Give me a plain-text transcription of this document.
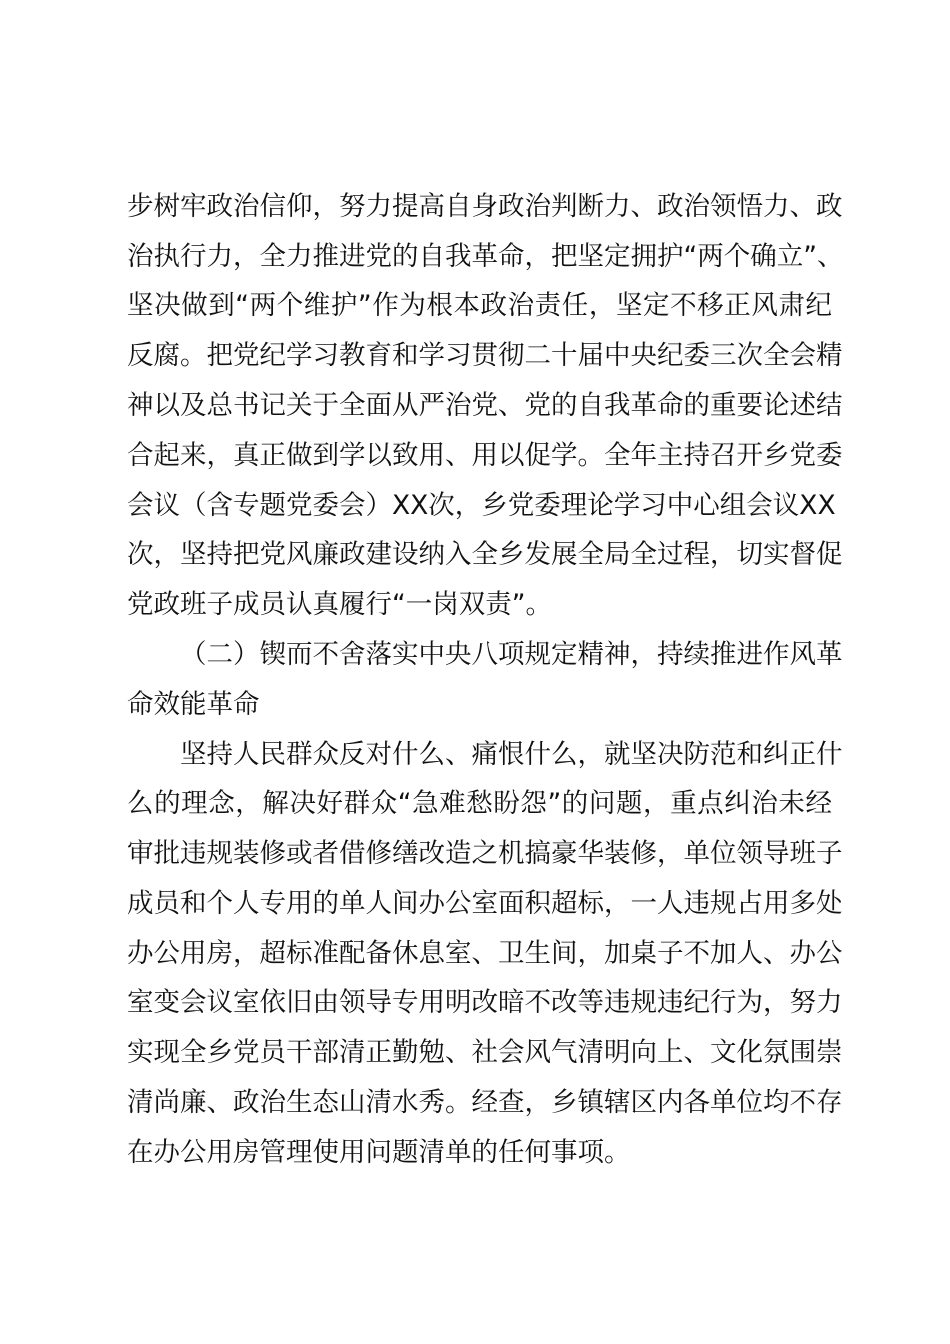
步树牢政治信仰，努力提高自身政治判断力、政治领悟力、政
治执行力，全力推进党的自我革命，把坚定拥护“两个确立”、
坚决做到“两个维护”作为根本政治责任，坚定不移正风肃纪
反腐。把党纪学习教育和学习贯彻二十届中央纪委三次全会精
神以及总书记关于全面从严治党、党的自我革命的重要论述结
合起来，真正做到学以致用、用以促学。全年主持召开乡党委
会议（含专题党委会）XX次，乡党委理论学习中心组会议XX
次，坚持把党风廉政建设纳入全乡发展全局全过程，切实督促
党政班子成员认真履行“一岗双责”。
（二）锲而不舍落实中央八项规定精神，持续推进作风革
命效能革命
坚持人民群众反对什么、痛恨什么，就坚决防范和纠正什
么的理念，解决好群众“急难愁盼怨”的问题，重点纠治未经
审批违规装修或者借修缮改造之机搞豪华装修，单位领导班子
成员和个人专用的单人间办公室面积超标，一人违规占用多处
办公用房，超标准配备休息室、卫生间，加桌子不加人、办公
室变会议室依旧由领导专用明改暗不改等违规违纪行为，努力
实现全乡党员干部清正勤勉、社会风气清明向上、文化氛围崇
清尚廉、政治生态山清水秀。经查，乡镇辖区内各单位均不存
在办公用房管理使用问题清单的任何事项。
